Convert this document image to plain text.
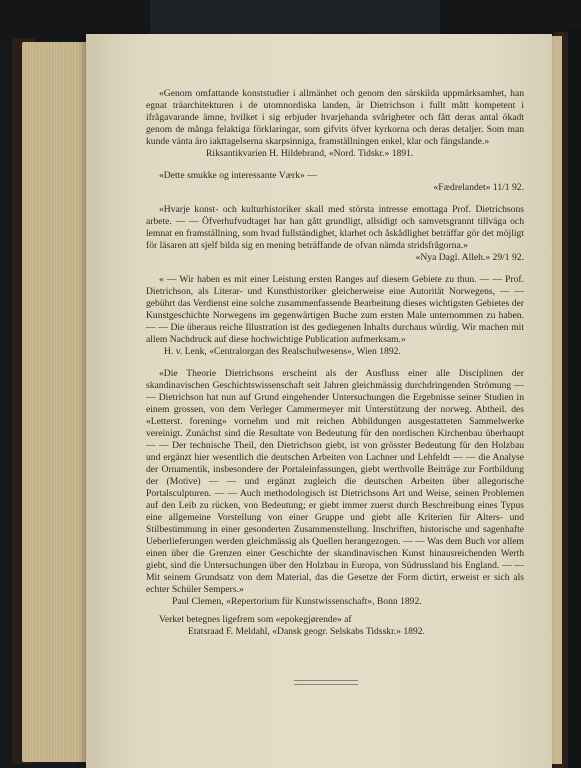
«Genom omfattande konststudier i allmänhet och genom den särskilda uppmärksamhet, han egnat träarchitekturen i de utomnordiska landen, är Dietrichson i fullt mått kompetent i ifrågavarande ämne, hvilket i sig erbjuder hvarjehanda svårigheter och fått deras antal ökadt genom de många felaktiga förklaringar, som gifvits öfver kyrkorna och deras detaljer. Som man kunde vänta äro iakttagelserna skarpsinniga, framställningen enkel, klar och fängslande.»

Riksantikvarien H. Hildebrand, «Nord. Tidskr.» 1891.

«Dette smukke og interessante Værk» —

«Fædrelandet» 11/1 92.

«Hvarje konst- och kulturhistoriker skall med största intresse emottaga Prof. Dietrichsons arbete. — — Öfverhufvudtaget har han gått grundligt, allsidigt och samvetsgrannt tillväga och lemnat en framställning, som hvad fullständighet, klarhet och åskådlighet beträffar gör det möjligt för läsaren att sjelf bilda sig en mening beträffande de ofvan nämda stridsfrågorna.»

«Nya Dagl. Alleh.» 29/1 92.

« — Wir haben es mit einer Leistung ersten Ranges auf diesem Gebiete zu thun. — — Prof. Dietrichson, als Literar- und Kunsthistoriker gleicherweise eine Autorität Norwegens, — — gebührt das Verdienst eine solche zusammenfassende Bearbeitung dieses wichtigsten Gebietes der Kunstgeschichte Norwegens im gegenwärtigen Buche zum ersten Male unternommen zu haben. — — Die überaus reiche Illustration ist des gediegenen Inhalts durchaus würdig. Wir machen mit allem Nachdruck auf diese hochwichtige Publication aufmerksam.»

H. v. Lenk, «Centralorgan des Realschulwesens», Wien 1892.

«Die Theorie Dietrichsons erscheint als der Ausfluss einer alle Disciplinen der skandinavischen Geschichtswissenschaft seit Jahren gleichmässig durchdringenden Strömung — — Dietrichson hat nun auf Grund eingehender Untersuchungen die Ergebnisse seiner Studien in einem grossen, von dem Verleger Cammermeyer mit Unterstützung der norweg. Abtheil. des «Letterst. forening» vornehm und mit reichen Abbildungen ausgestatteten Sammelwerke vereinigt. Zunächst sind die Resultate von Bedeutung für den nordischen Kirchenbau überhaupt — — Der technische Theil, den Dietrichson giebt, ist von grösster Bedeutung für den Holzbau und ergänzt hier wesentlich die deutschen Arbeiten von Lachner und Lehfeldt — — die Analyse der Ornamentik, insbesondere der Portaleinfassungen, giebt werthvolle Beiträge zur Fortbildung der (Motive) — — und ergänzt zugleich die deutschen Arbeiten über allegorische Portalsculpturen. — — Auch methodologisch ist Dietrichsons Art und Weise, seinen Problemen auf den Leib zu rücken, von Bedeutung; er giebt immer zuerst durch Beschreibung eines Typus eine allgemeine Vorstellung von einer Gruppe und giebt alle Kriterien für Alters- und Stilbestimmung in einer gesonderten Zusammenstellung. Inschriften, historische und sagenhafte Ueberlieferungen werden gleichmässig als Quellen herangezogen. — — Was dem Buch vor allem einen über die Grenzen einer Geschichte der skandinavischen Kunst hinausreichenden Werth giebt, sind die Untersuchungen über den Holzbau in Europa, von Südrussland bis England. — — Mit seinem Grundsatz von dem Material, das die Gesetze der Form dictirt, erweist er sich als echter Schüler Sempers.»

Paul Clemen, «Repertorium für Kunstwissenschaft», Bonn 1892.

Verket betegnes ligefrem som «epokegjørende» af

Etatsraad F. Meldahl, «Dansk geogr. Selskabs Tidsskr.» 1892.
